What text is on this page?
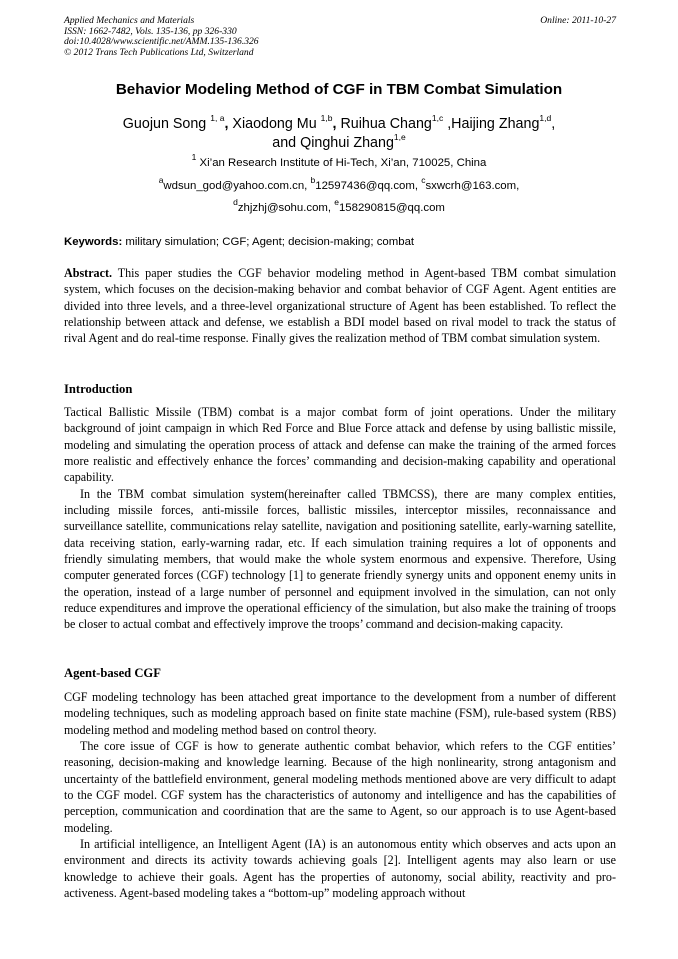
Applied Mechanics and Materials
ISSN: 1662-7482, Vols. 135-136, pp 326-330
doi:10.4028/www.scientific.net/AMM.135-136.326
© 2012 Trans Tech Publications Ltd, Switzerland
Online: 2011-10-27
Behavior Modeling Method of CGF in TBM Combat Simulation
Guojun Song $^{1, a}$, Xiaodong Mu $^{1,b}$, Ruihua Chang$^{1,c}$ ,Haijing Zhang$^{1,d}$,
and Qinghui Zhang$^{1,e}$
$^1$ Xi’an Research Institute of Hi-Tech, Xi’an, 710025, China
$^a$wdsun_god@yahoo.com.cn, $^b$12597436@qq.com, $^c$sxwcrh@163.com,
$^d$zhjzhj@sohu.com, $^e$158290815@qq.com
Keywords: military simulation; CGF; Agent; decision-making; combat

Abstract. This paper studies the CGF behavior modeling method in Agent-based TBM combat simulation system, which focuses on the decision-making behavior and combat behavior of CGF Agent. Agent entities are divided into three levels, and a three-level organizational structure of Agent has been established. To reflect the relationship between attack and defense, we establish a BDI model based on rival model to track the status of rival Agent and do real-time response. Finally gives the realization method of TBM combat simulation system.

Introduction

Tactical Ballistic Missile (TBM) combat is a major combat form of joint operations. Under the military background of joint campaign in which Red Force and Blue Force attack and defense by using ballistic missile, modeling and simulating the operation process of attack and defense can make the training of the armed forces more realistic and effectively enhance the forces’ commanding and decision-making capability and operational capability.

In the TBM combat simulation system(hereinafter called TBMCSS), there are many complex entities, including missile forces, anti-missile forces, ballistic missiles, interceptor missiles, reconnaissance and surveillance satellite, communications relay satellite, navigation and positioning satellite, early-warning satellite, data receiving station, early-warning radar, etc. If each simulation training requires a lot of opponents and friendly simulating members, that would make the whole system enormous and expensive. Therefore, Using computer generated forces (CGF) technology [1] to generate friendly synergy units and opponent enemy units in the operation, instead of a large number of personnel and equipment involved in the simulation, can not only reduce expenditures and improve the operational efficiency of the simulation, but also make the training of troops be closer to actual combat and effectively improve the troops’ command and decision-making capacity.

Agent-based CGF

CGF modeling technology has been attached great importance to the development from a number of different modeling techniques, such as modeling approach based on finite state machine (FSM), rule-based system (RBS) modeling method and modeling method based on control theory.

The core issue of CGF is how to generate authentic combat behavior, which refers to the CGF entities’ reasoning, decision-making and knowledge learning. Because of the high nonlinearity, strong antagonism and uncertainty of the battlefield environment, general modeling methods mentioned above are very difficult to adapt to the CGF model. CGF system has the characteristics of autonomy and intelligence and has the capabilities of perception, communication and coordination that are the same to Agent, so our approach is to use Agent-based modeling.

In artificial intelligence, an Intelligent Agent (IA) is an autonomous entity which observes and acts upon an environment and directs its activity towards achieving goals [2]. Intelligent agents may also learn or use knowledge to achieve their goals. Agent has the properties of autonomy, social ability, reactivity and pro-activeness. Agent-based modeling takes a “bottom-up” modeling approach without
